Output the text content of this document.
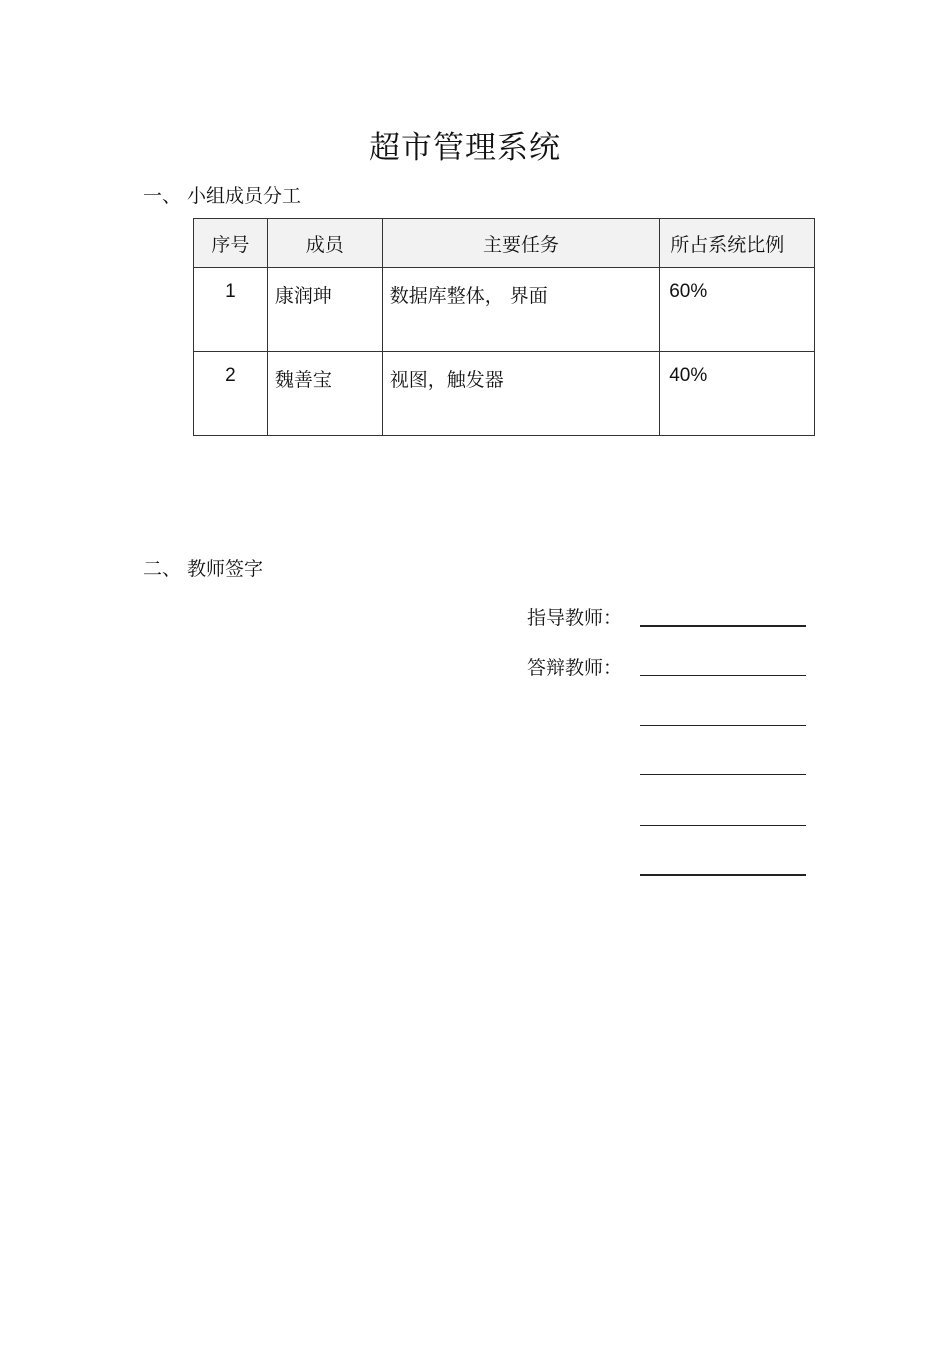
超市管理系统
一、 小组成员分工
序号	成员	主要任务	所占系统比例
1	康润珅	数据库整体， 界面	60%
2	魏善宝	视图，触发器	40%
二、 教师签字
指导教师：
答辩教师：
